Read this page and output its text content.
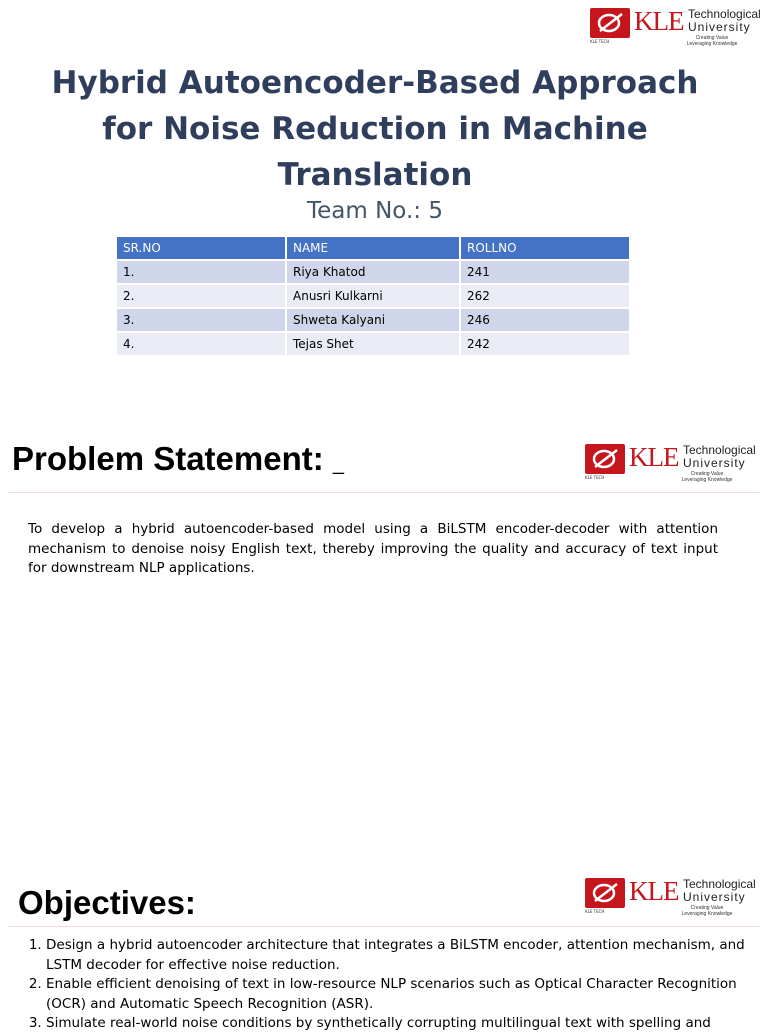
KLE TECH
KLE Technological
University
Creating Value
Leveraging Knowledge
Hybrid Autoencoder-Based Approach for Noise Reduction in Machine Translation
Team No.: 5
SR.NO	NAME	ROLLNO
1.	Riya Khatod	241
2.	Anusri Kulkarni	262
3.	Shweta Kalyani	246
4.	Tejas Shet	242
Problem Statement: _
KLE TECH
KLE Technological
University
Creating Value
Leveraging Knowledge
To develop a hybrid autoencoder-based model using a BiLSTM encoder-decoder with attention mechanism to denoise noisy English text, thereby improving the quality and accuracy of text input for downstream NLP applications.
Objectives:	KLE TECH
KLE Technological
University
Creating Value
Leveraging Knowledge
1. Design a hybrid autoencoder architecture that integrates a BiLSTM encoder, attention mechanism, and LSTM decoder for effective noise reduction.
2. Enable efficient denoising of text in low-resource NLP scenarios such as Optical Character Recognition (OCR) and Automatic Speech Recognition (ASR).
3. Simulate real-world noise conditions by synthetically corrupting multilingual text with spelling and
